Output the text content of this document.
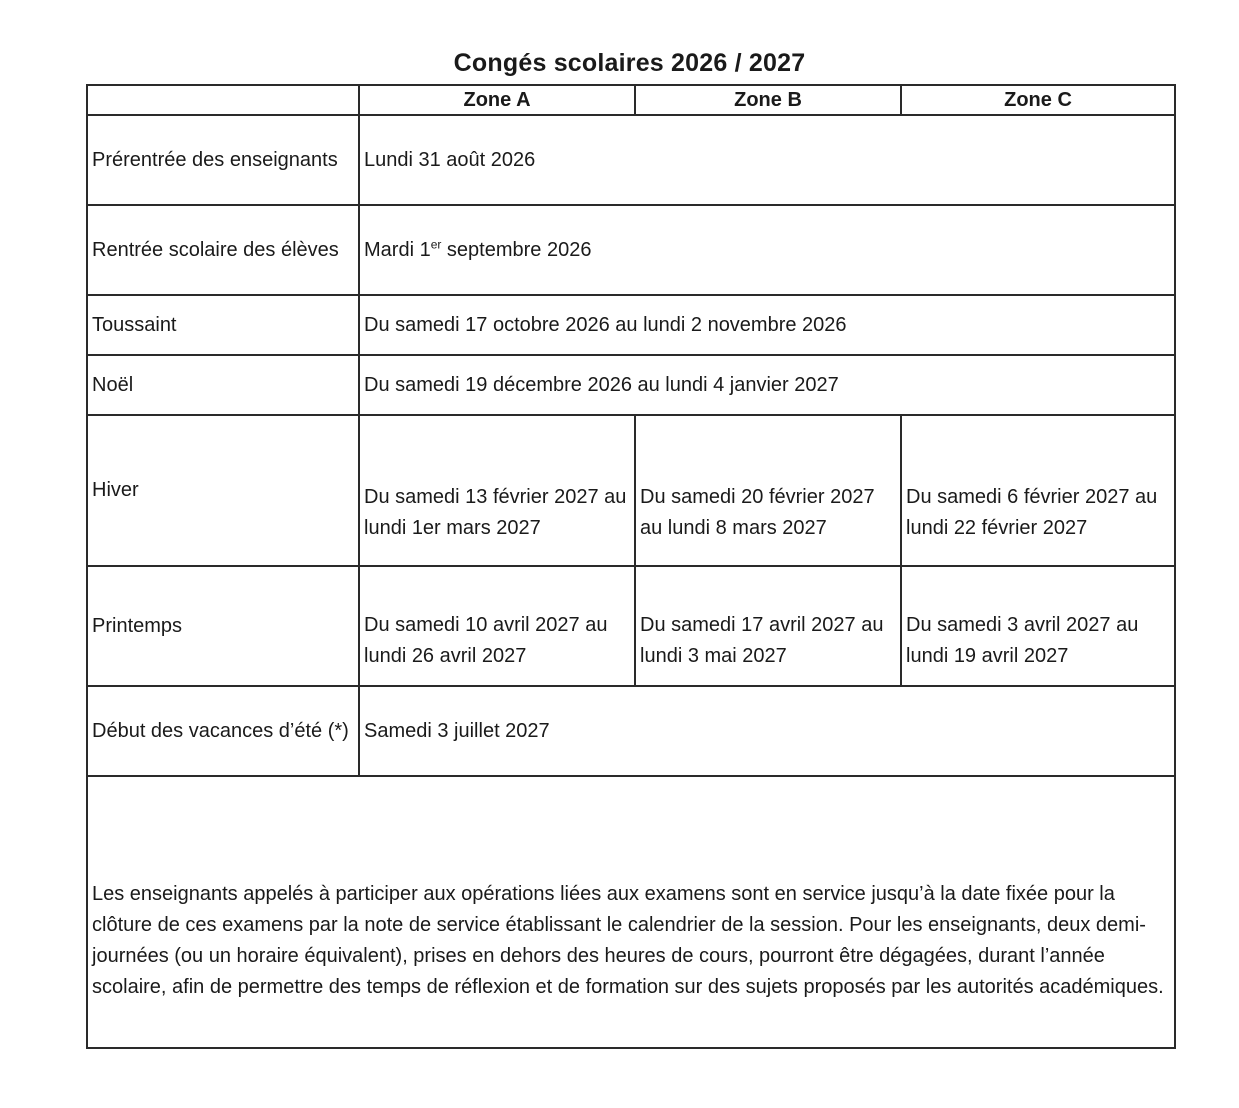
Congés scolaires 2026 / 2027
	Zone A	Zone B	Zone C
Prérentrée des enseignants	Lundi 31 août 2026		
Rentrée scolaire des élèves	Mardi 1er septembre 2026		
Toussaint	Du samedi 17 octobre 2026 au lundi 2 novembre 2026		
Noël	Du samedi 19 décembre 2026 au lundi 4 janvier 2027		
Hiver	Du samedi 13 février 2027 au lundi 1er mars 2027	Du samedi 20 février 2027 au lundi 8 mars 2027	Du samedi 6 février 2027 au lundi 22 février 2027
Printemps	Du samedi 10 avril 2027 au lundi 26 avril 2027	Du samedi 17 avril 2027 au lundi 3 mai 2027	Du samedi 3 avril 2027 au lundi 19 avril 2027
Début des vacances d’été (*)	Samedi 3 juillet 2027		
Les enseignants appelés à participer aux opérations liées aux examens sont en service jusqu’à la date fixée pour la clôture de ces examens par la note de service établissant le calendrier de la session. Pour les enseignants, deux demi-journées (ou un horaire équivalent), prises en dehors des heures de cours, pourront être dégagées, durant l’année scolaire, afin de permettre des temps de réflexion et de formation sur des sujets proposés par les autorités académiques.			
